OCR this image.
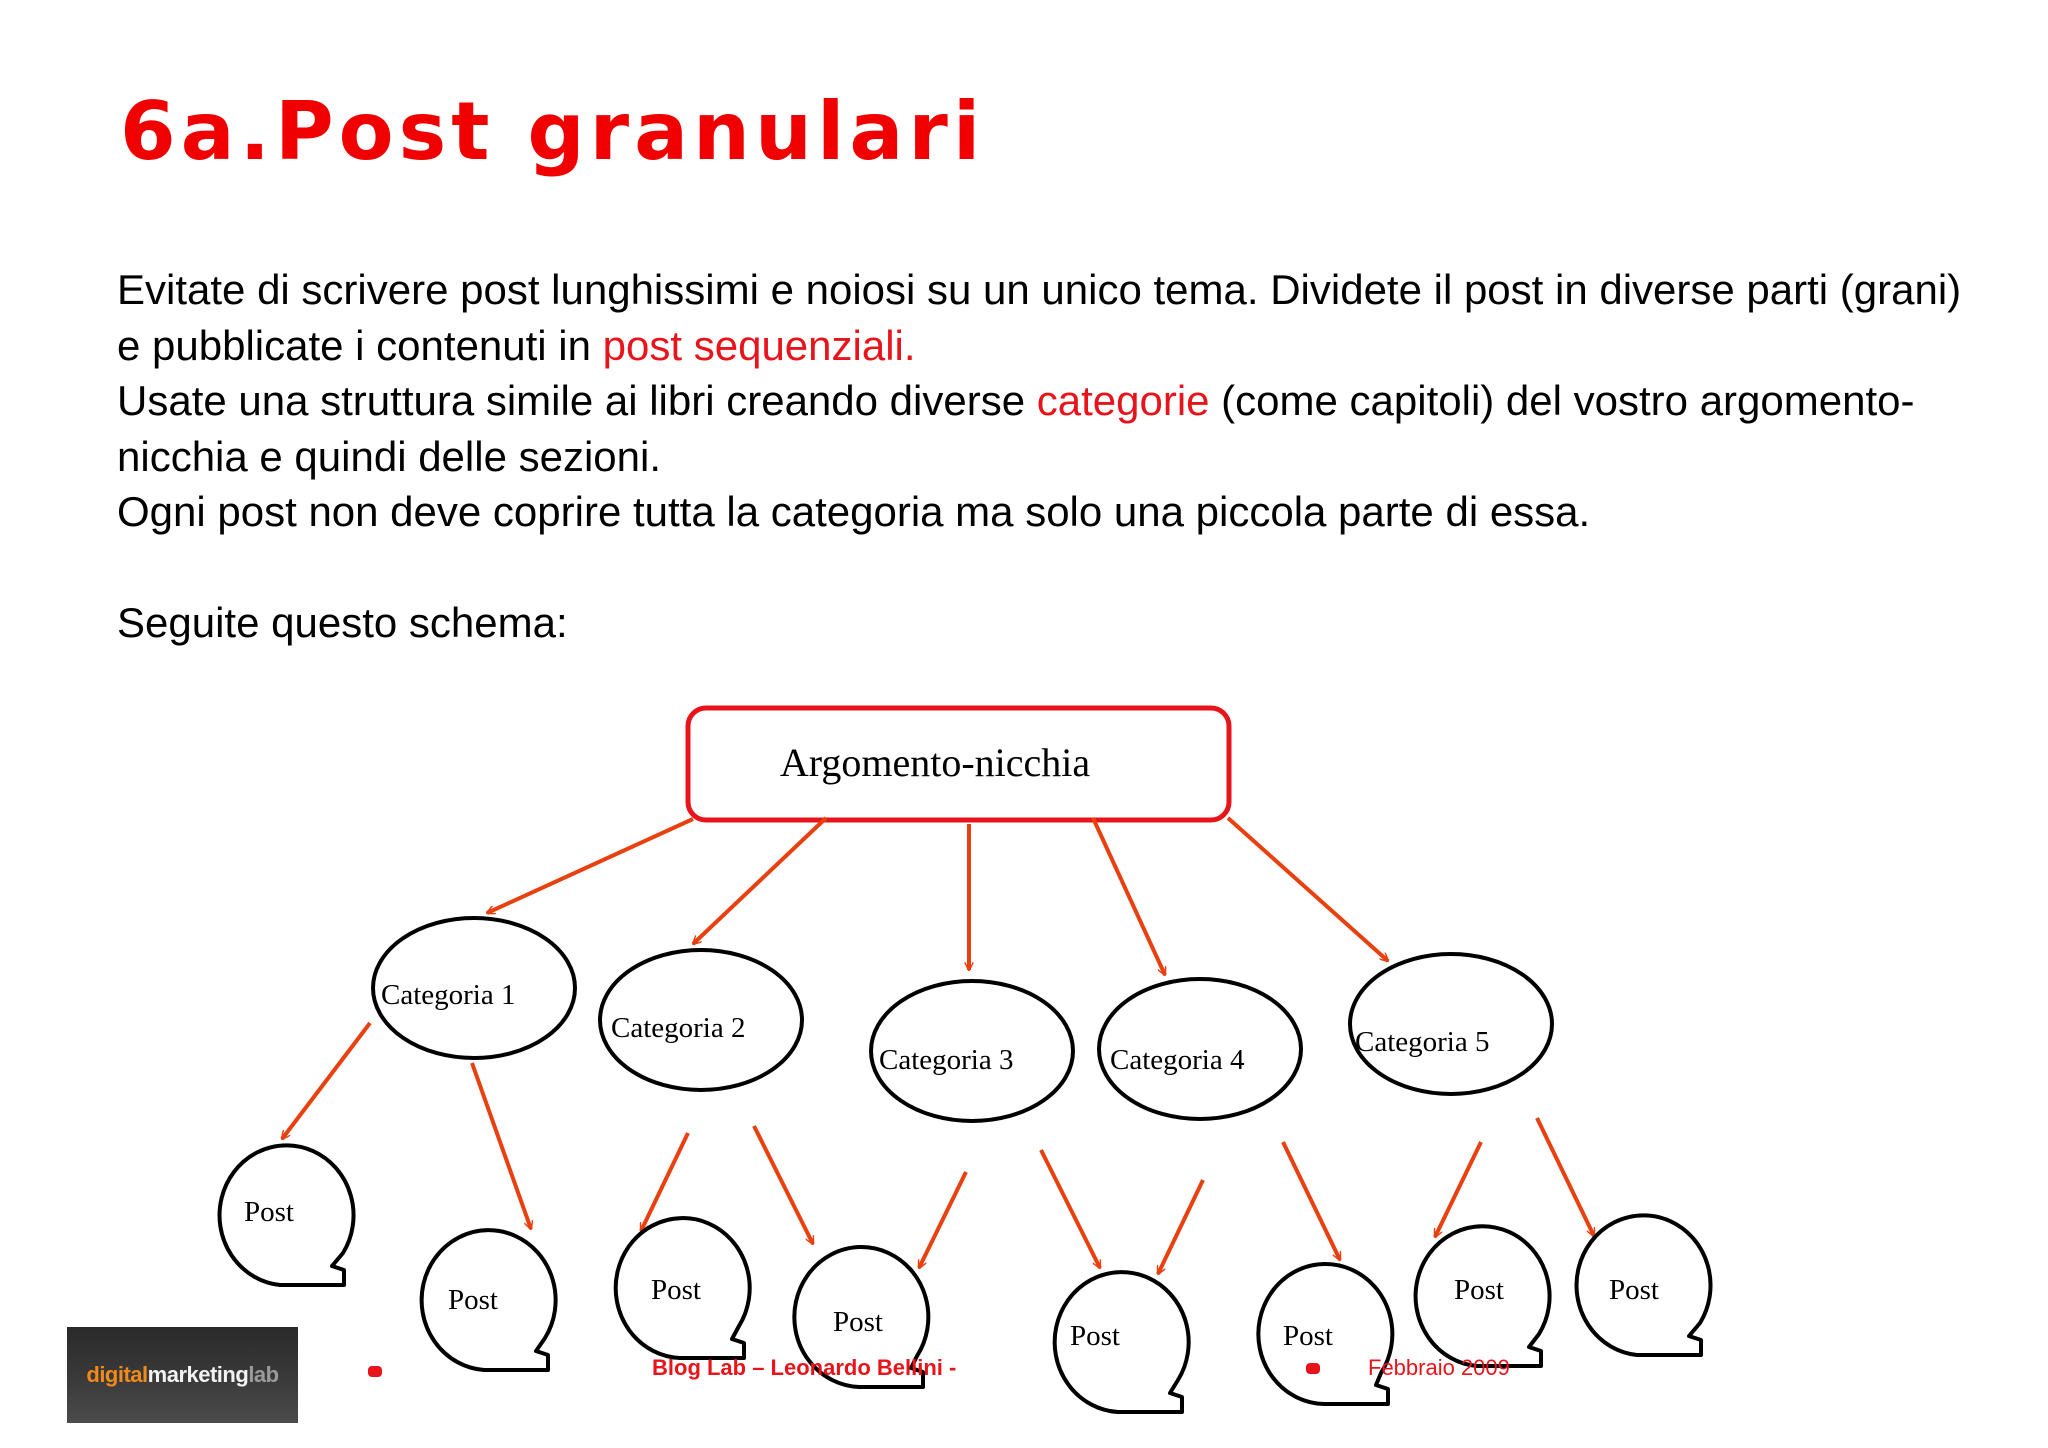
6a.Post granulari

Evitate di scrivere post lunghissimi e noiosi su un unico tema. Dividete il post in diverse parti (grani) e pubblicate i contenuti in post sequenziali.

Usate una struttura simile ai libri creando diverse categorie (come capitoli) del vostro argomento-nicchia e quindi delle sezioni.

Ogni post non deve coprire tutta la categoria ma solo una piccola parte di essa.

Seguite questo schema:

Argomento-nicchia
Categoria 1
Categoria 2
Categoria 3	Categoria 4
Categoria 5
Post
Post	Post
Post	Post	Post
Post	Post
digital marketing lab	Blog Lab – Leonardo Bellini -	Febbraio 2009
